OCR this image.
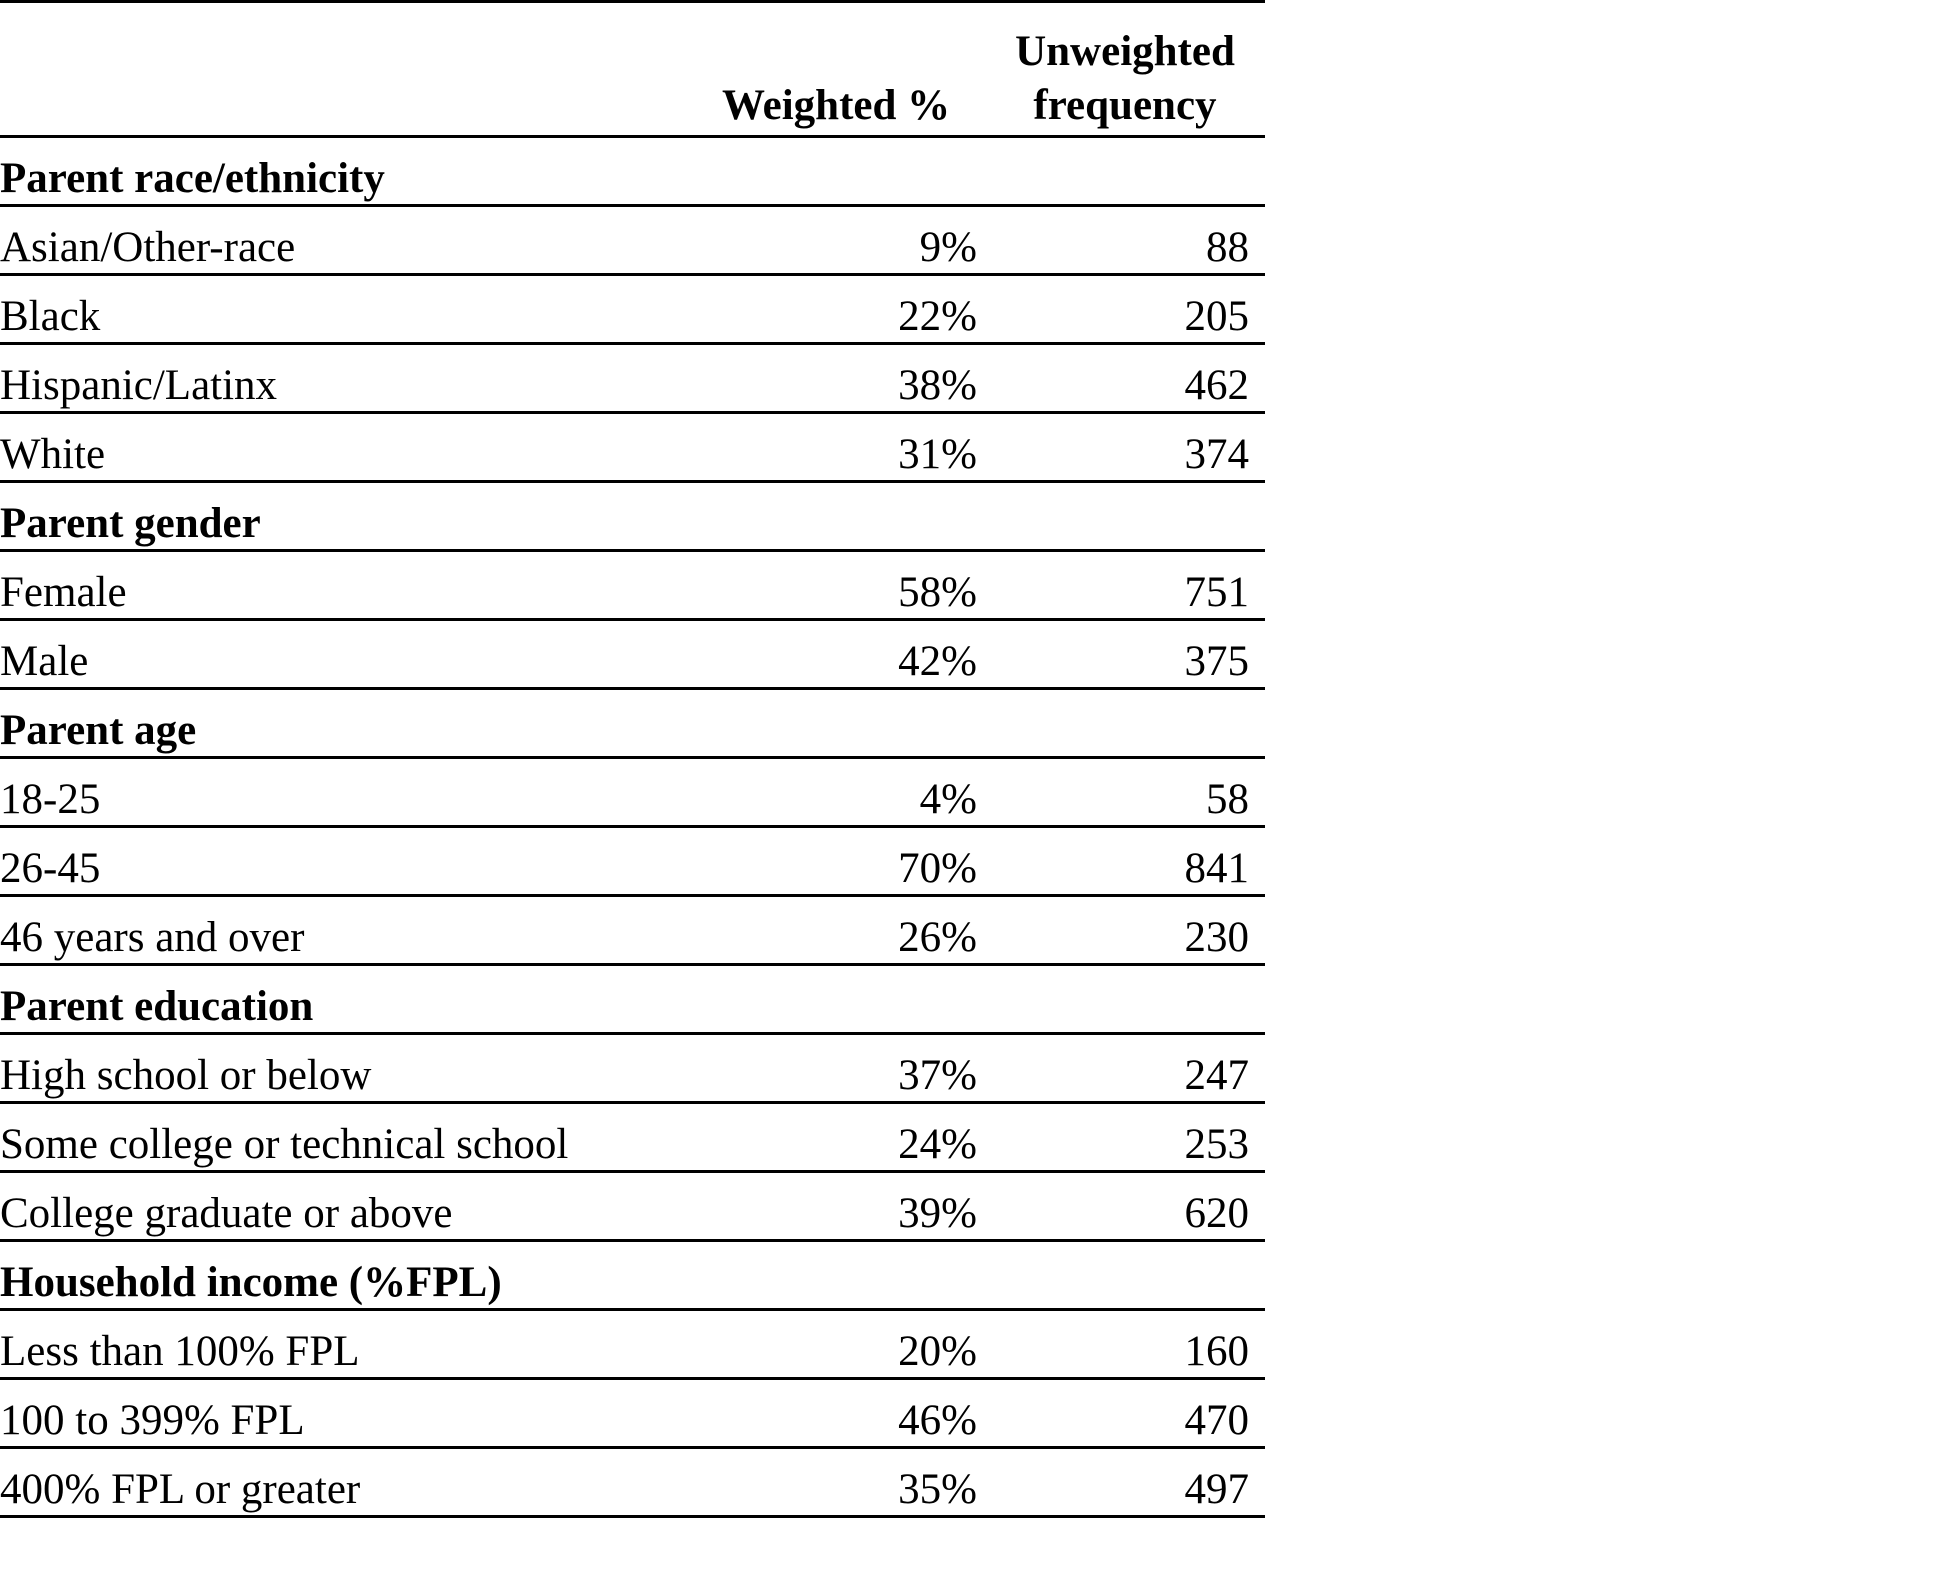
Weighted %
Unweighted
frequency
Parent race/ethnicity
Asian/Other-race	9%	88
Black	22%	205
Hispanic/Latinx	38%	462
White	31%	374
Parent gender
Female	58%	751
Male	42%	375
Parent age
18-25	4%	58
26-45	70%	841
46 years and over	26%	230
Parent education
High school or below	37%	247
Some college or technical school	24%	253
College graduate or above	39%	620
Household income (%FPL)
Less than 100% FPL	20%	160
100 to 399% FPL	46%	470
400% FPL or greater	35%	497
